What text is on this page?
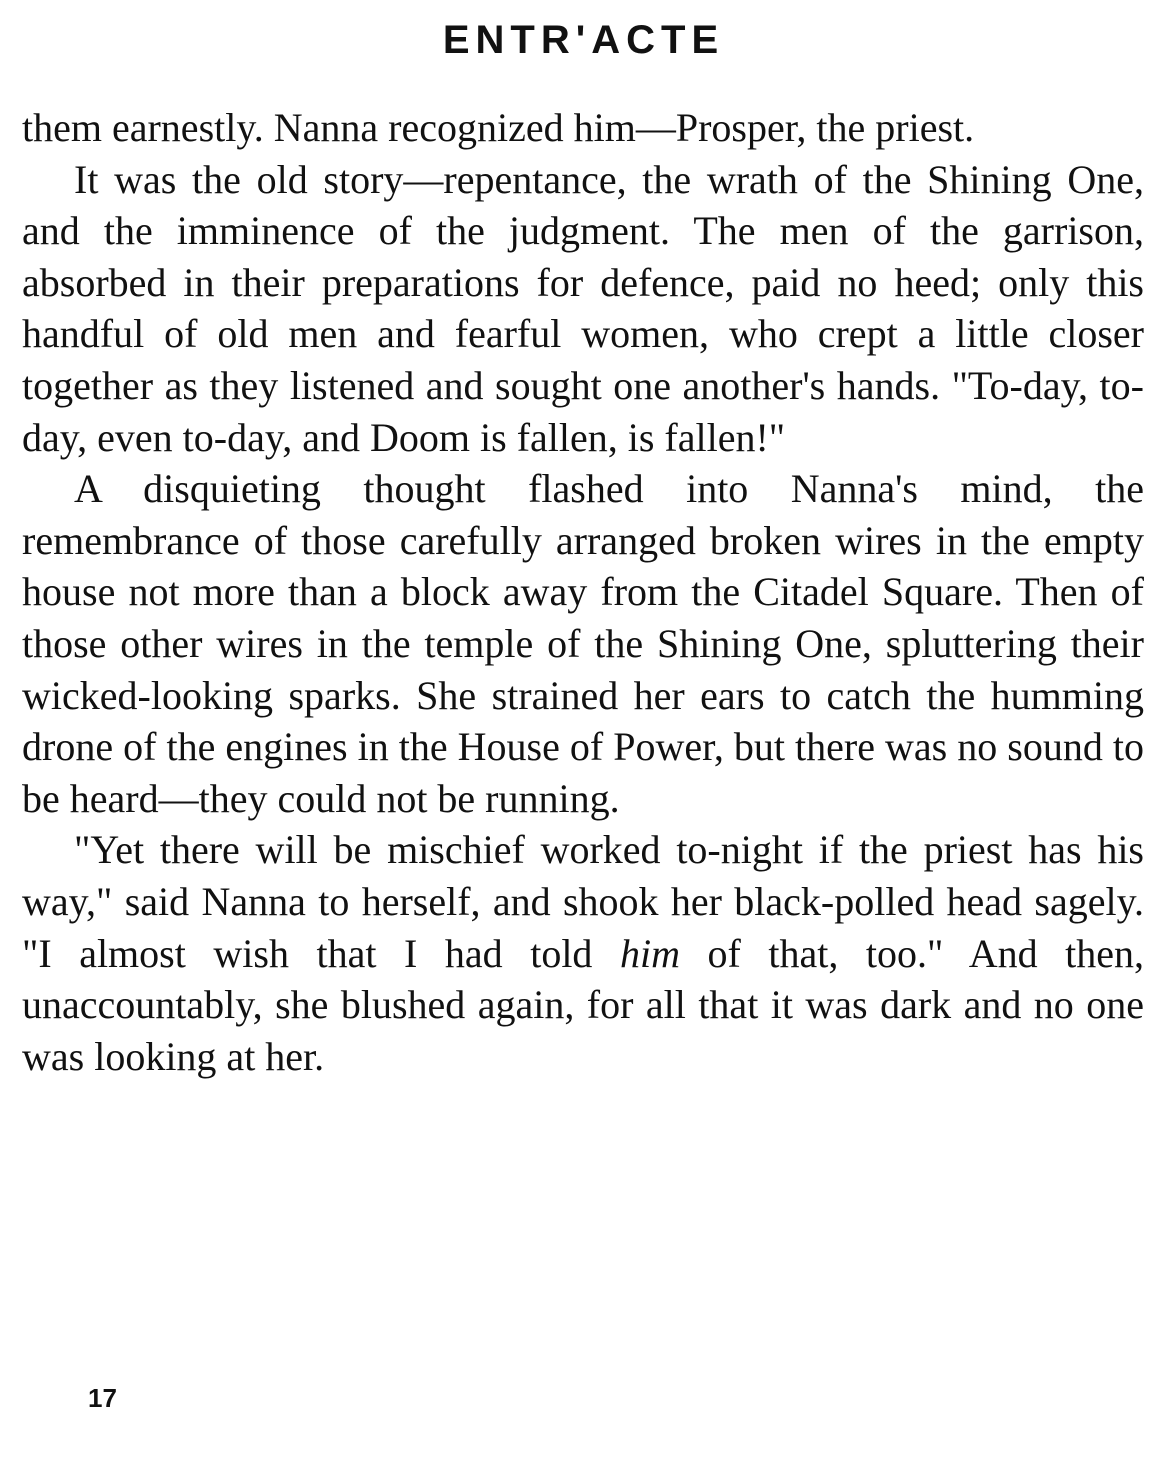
ENTR'ACTE

them earnestly. Nanna recognized him—Prosper, the priest.

It was the old story—repentance, the wrath of the Shining One, and the imminence of the judgment. The men of the garrison, absorbed in their preparations for defence, paid no heed; only this handful of old men and fearful women, who crept a little closer together as they listened and sought one another's hands. "To-day, to-day, even to-day, and Doom is fallen, is fallen!"

A disquieting thought flashed into Nanna's mind, the remembrance of those carefully arranged broken wires in the empty house not more than a block away from the Citadel Square. Then of those other wires in the temple of the Shining One, spluttering their wicked-looking sparks. She strained her ears to catch the humming drone of the engines in the House of Power, but there was no sound to be heard—they could not be running.

"Yet there will be mischief worked to-night if the priest has his way," said Nanna to herself, and shook her black-polled head sagely. "I almost wish that I had told him of that, too." And then, unaccountably, she blushed again, for all that it was dark and no one was looking at her.

17
